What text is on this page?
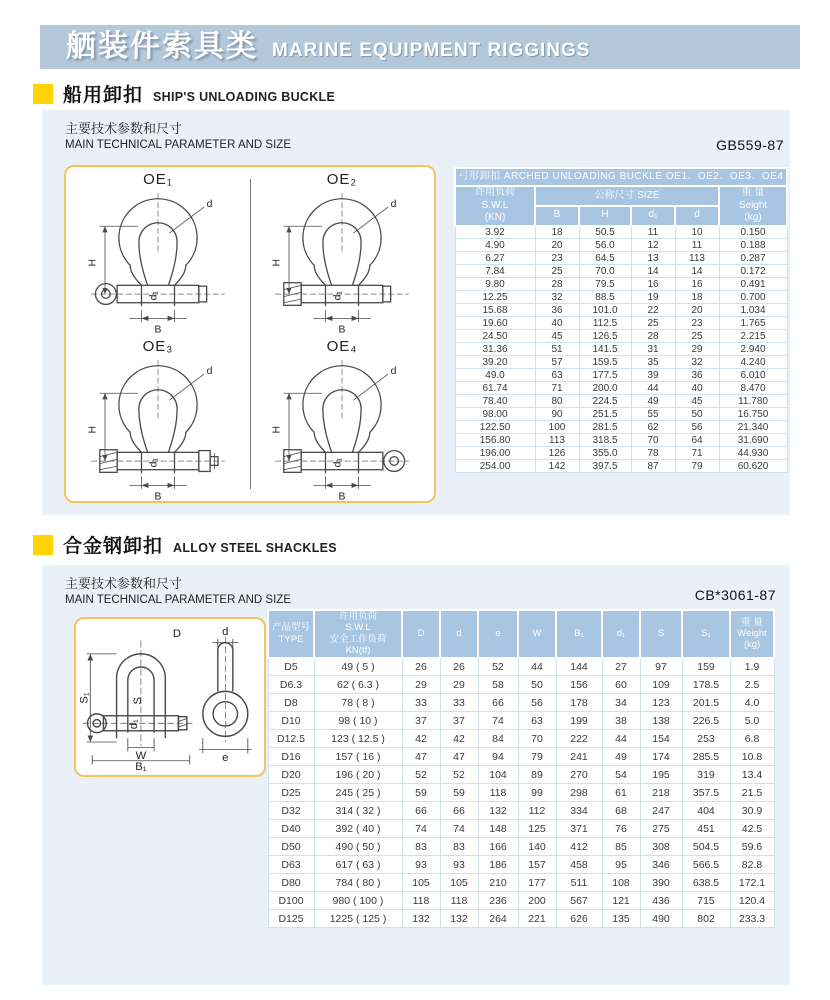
舾装件索具类 MARINE EQUIPMENT RIGGINGS
船用卸扣 SHIP'S UNLOADING BUCKLE
主要技术参数和尺寸
MAIN TECHNICAL PARAMETER AND SIZE	GB559-87
OE₁
H
B
d
d₁
OE₂
H
B
d
d₁
OE₃
H
B
d
d₁
OE₄
H
B
d
d₁
弓形卸扣 ARCHED UNLOADING BUCKLE OE1、OE2、OE3、OE4					

许用负荷
S.W.L
(KN)
	公称尺寸 SIZE	重 量
Seight
(kg)

	B	H	d₁	d	
3.92	18	50.5	11	10	0.150
4.90	20	56.0	12	11	0.188
6.27	23	64.5	13	113	0.287
7.84	25	70.0	14	14	0.172
9.80	28	79.5	16	16	0.491
12.25	32	88.5	19	18	0.700
15.68	36	101.0	22	20	1.034
19.60	40	112.5	25	23	1.765
24.50	45	126.5	28	25	2.215
31.36	51	141.5	31	29	2.940
39.20	57	159.5	35	32	4.240
49.0	63	177.5	39	36	6.010
61.74	71	200.0	44	40	8.470
78.40	80	224.5	49	45	11.780
98.00	90	251.5	55	50	16.750
122.50	100	281.5	62	56	21.340
156.80	113	318.5	70	64	31.690
196.00	126	355.0	78	71	44.930
254.00	142	397.5	87	79	60.620
合金钢卸扣 ALLOY STEEL SHACKLES
主要技术参数和尺寸
MAIN TECHNICAL PARAMETER AND SIZE	CB*3061-87
S₁	S
d₁
W
B₁
D	d
e
产品型号
TYPE

许用负荷
S.W.L
安全工作负荷
KN(tf)
	D	d	e	W	B₁	d₁	S	S₁	
重 量
Weight
(kg)

D5	49 ( 5 )	26	26	52	44	144	27	97	159	1.9
D6.3	62 ( 6.3 )	29	29	58	50	156	60	109	178.5	2.5
D8	78 ( 8 )	33	33	66	56	178	34	123	201.5	4.0
D10	98 ( 10 )	37	37	74	63	199	38	138	226.5	5.0
D12.5	123 ( 12.5 )	42	42	84	70	222	44	154	253	6.8
D16	157 ( 16 )	47	47	94	79	241	49	174	285.5	10.8
D20	196 ( 20 )	52	52	104	89	270	54	195	319	13.4
D25	245 ( 25 )	59	59	118	99	298	61	218	357.5	21.5
D32	314 ( 32 )	66	66	132	112	334	68	247	404	30.9
D40	392 ( 40 )	74	74	148	125	371	76	275	451	42.5
D50	490 ( 50 )	83	83	166	140	412	85	308	504.5	59.6
D63	617 ( 63 )	93	93	186	157	458	95	346	566.5	82.8
D80	784 ( 80 )	105	105	210	177	511	108	390	638.5	172.1
D100	980 ( 100 )	118	118	236	200	567	121	436	715	120.4
D125	1225 ( 125 )	132	132	264	221	626	135	490	802	233.3
